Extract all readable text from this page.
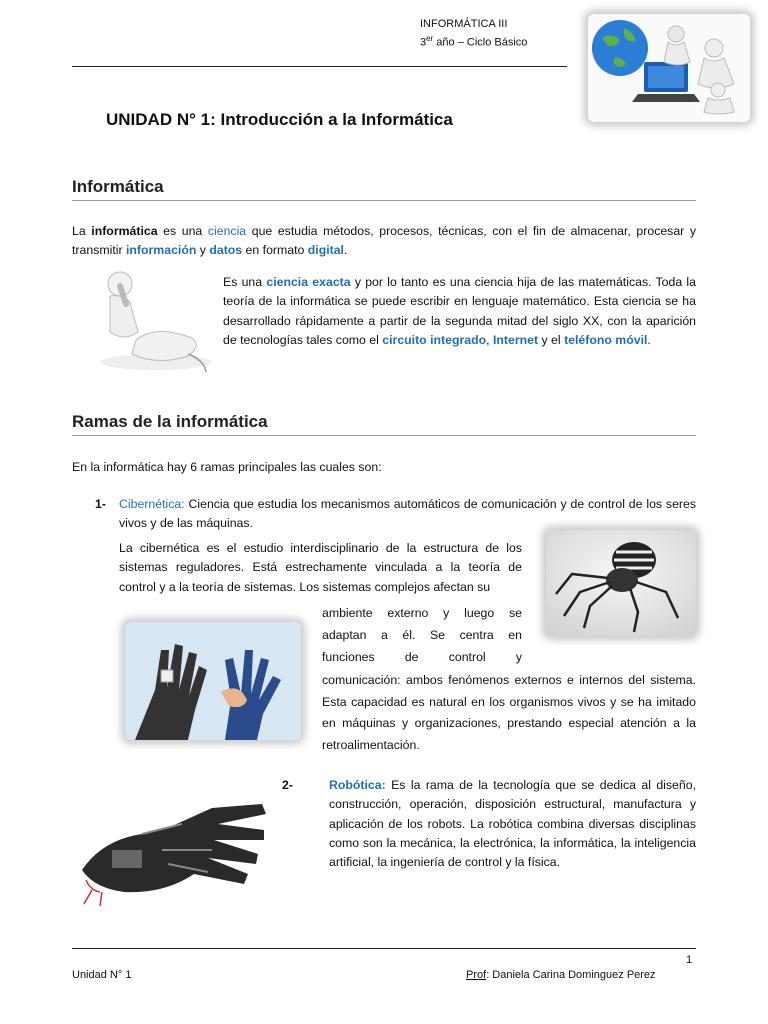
INFORMÁTICA III
3er año – Ciclo Básico
UNIDAD N° 1: Introducción a la Informática
Informática
La informática es una ciencia que estudia métodos, procesos, técnicas, con el fin de almacenar, procesar y transmitir información y datos en formato digital.
Es una ciencia exacta y por lo tanto es una ciencia hija de las matemáticas. Toda la teoría de la informática se puede escribir en lenguaje matemático. Esta ciencia se ha desarrollado rápidamente a partir de la segunda mitad del siglo XX, con la aparición de tecnologías tales como el circuito integrado, Internet y el teléfono móvil.
Ramas de la informática
En la informática hay 6 ramas principales las cuales son:
1- Cibernética: Ciencia que estudia los mecanismos automáticos de comunicación y de control de los seres vivos y de las máquinas.
La cibernética es el estudio interdisciplinario de la estructura de los sistemas reguladores. Está estrechamente vinculada a la teoría de control y a la teoría de sistemas. Los sistemas complejos afectan su
ambiente externo y luego se
adaptan a él. Se centra en
funciones de control y
comunicación: ambos fenómenos externos e internos del sistema. Esta capacidad es natural en los organismos vivos y se ha imitado en máquinas y organizaciones, prestando especial atención a la retroalimentación.
2-	Robótica: Es la rama de la tecnología que se dedica al diseño, construcción, operación, disposición estructural, manufactura y aplicación de los robots. La robótica combina diversas disciplinas como son la mecánica, la electrónica, la informática, la inteligencia artificial, la ingeniería de control y la física.
1
Unidad N° 1	Prof: Daniela Carina Dominguez Perez
